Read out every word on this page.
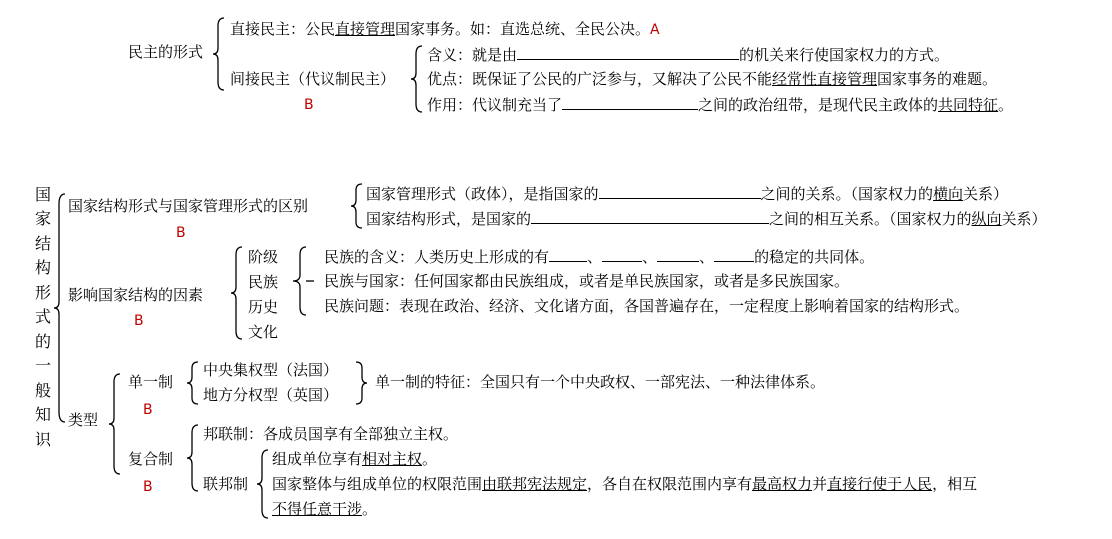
民主的形式
直接民主：公民直接管理国家事务。如：直选总统、全民公决。A
间接民主（代议制民主）
B
含义：就是由	的机关来行使国家权力的方式。
优点：既保证了公民的广泛参与，又解决了公民不能经常性直接管理国家事务的难题。
作用：代议制充当了	之间的政治纽带，是现代民主政体的共同特征。
国
家
结
构
形
式
的
一
般
知
识
国家结构形式与国家管理形式的区别
B
国家管理形式（政体），是指国家的	之间的关系。（国家权力的横向关系）
国家结构形式，是国家的	之间的相互关系。（国家权力的纵向关系）
影响国家结构的因素
B
阶级
民族
历史
文化
民族的含义：人类历史上形成的有	、	、	、	的稳定的共同体。
民族与国家：任何国家都由民族组成，或者是单民族国家，或者是多民族国家。
民族问题：表现在政治、经济、文化诸方面，各国普遍存在，一定程度上影响着国家的结构形式。
类型
单一制
B
中央集权型（法国）
地方分权型（英国）
单一制的特征：全国只有一个中央政权、一部宪法、一种法律体系。
复合制
B
邦联制：各成员国享有全部独立主权。
联邦制
组成单位享有相对主权。
国家整体与组成单位的权限范围由联邦宪法规定，各自在权限范围内享有最高权力并直接行使于人民，相互
不得任意干涉。
